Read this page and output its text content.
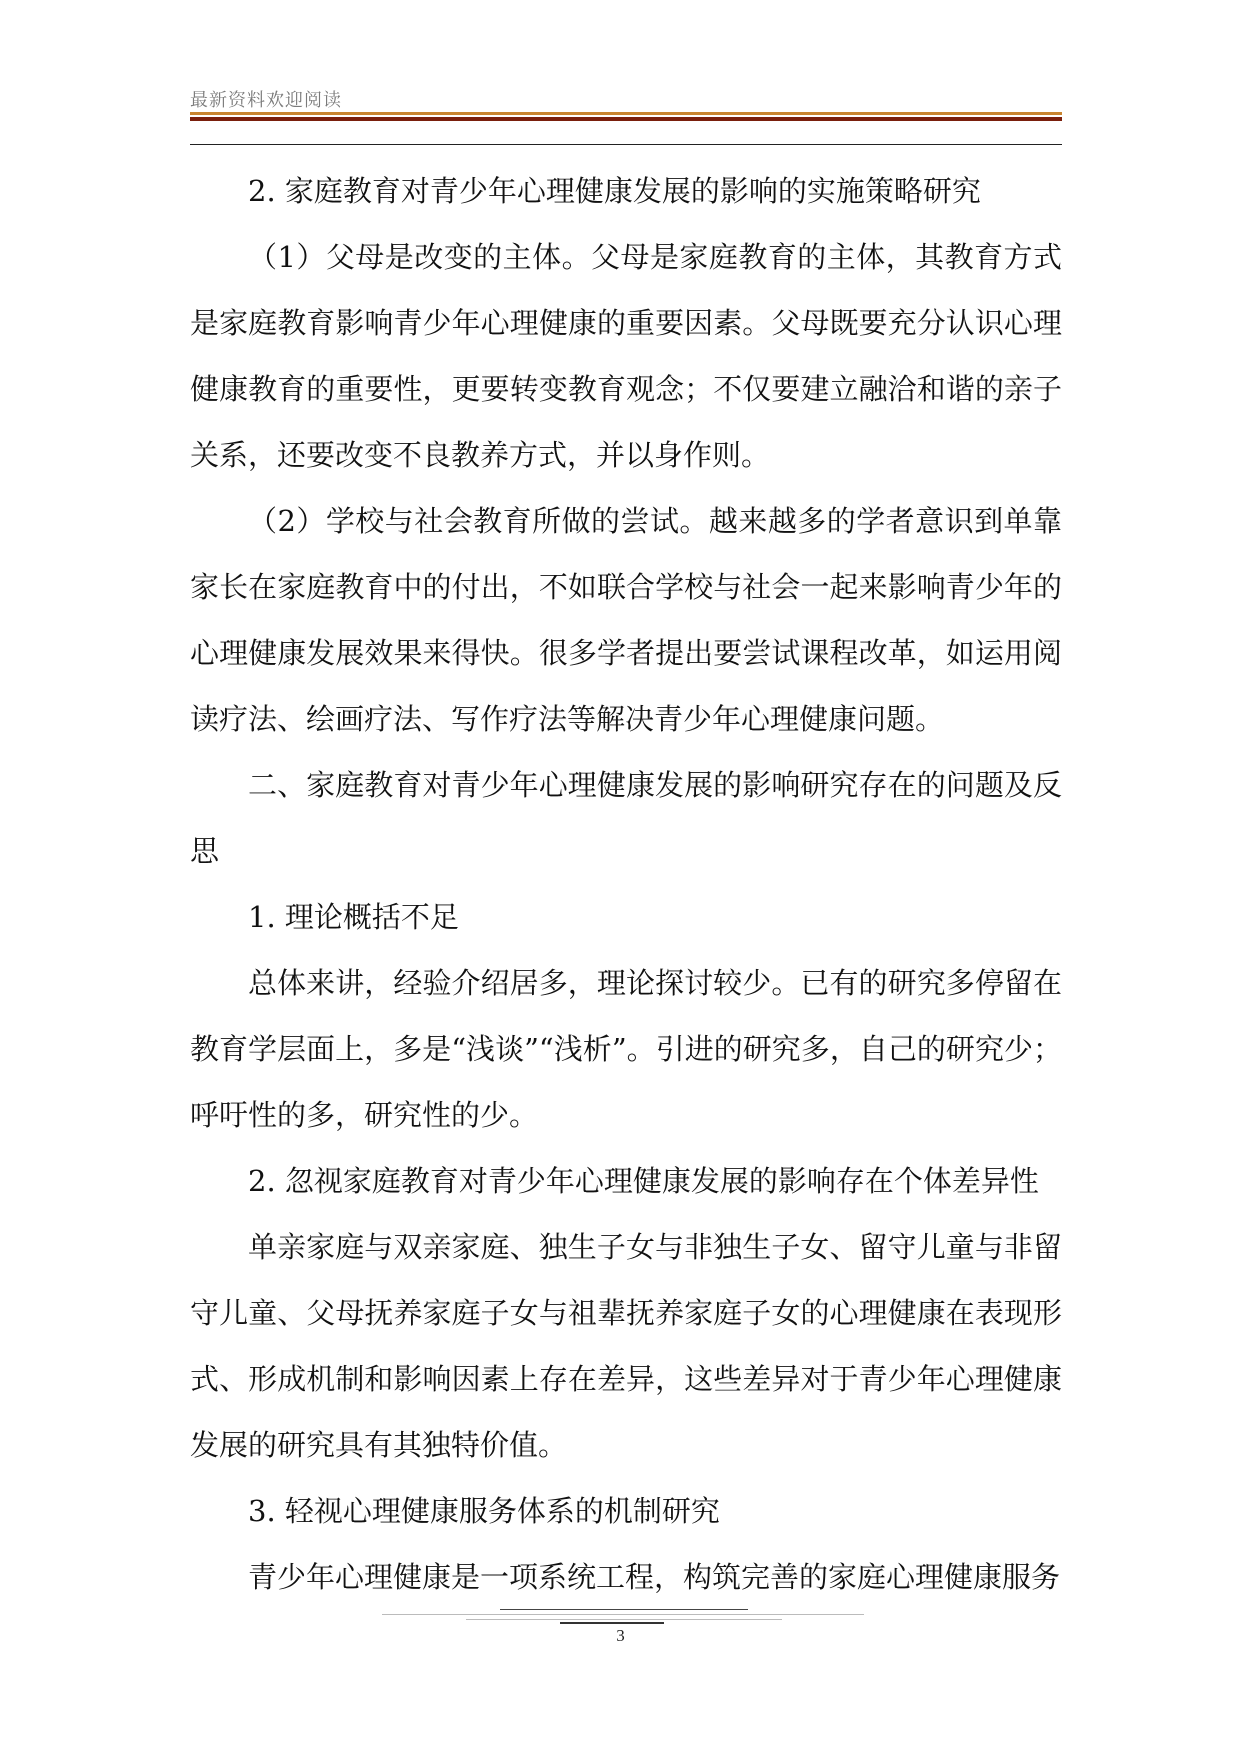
最新资料欢迎阅读

2. 家庭教育对青少年心理健康发展的影响的实施策略研究

（1）父母是改变的主体。父母是家庭教育的主体，其教育方式是家庭教育影响青少年心理健康的重要因素。父母既要充分认识心理健康教育的重要性，更要转变教育观念；不仅要建立融洽和谐的亲子关系，还要改变不良教养方式，并以身作则。

（2）学校与社会教育所做的尝试。越来越多的学者意识到单靠家长在家庭教育中的付出，不如联合学校与社会一起来影响青少年的心理健康发展效果来得快。很多学者提出要尝试课程改革，如运用阅读疗法、绘画疗法、写作疗法等解决青少年心理健康问题。

二、家庭教育对青少年心理健康发展的影响研究存在的问题及反思

1. 理论概括不足

总体来讲，经验介绍居多，理论探讨较少。已有的研究多停留在教育学层面上，多是“浅谈”“浅析”。引进的研究多，自己的研究少；呼吁性的多，研究性的少。

2. 忽视家庭教育对青少年心理健康发展的影响存在个体差异性

单亲家庭与双亲家庭、独生子女与非独生子女、留守儿童与非留守儿童、父母抚养家庭子女与祖辈抚养家庭子女的心理健康在表现形式、形成机制和影响因素上存在差异，这些差异对于青少年心理健康发展的研究具有其独特价值。

3. 轻视心理健康服务体系的机制研究

青少年心理健康是一项系统工程，构筑完善的家庭心理健康服务

3
